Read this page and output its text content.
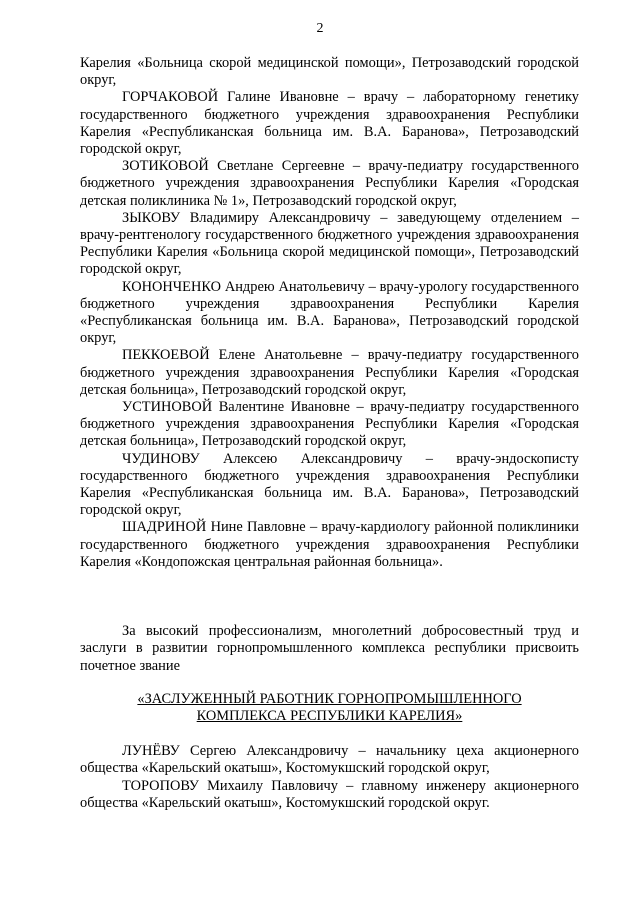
2

Карелия «Больница скорой медицинской помощи», Петрозаводский городской округ,

ГОРЧАКОВОЙ Галине Ивановне – врачу – лабораторному генетику государственного бюджетного учреждения здравоохранения Республики Карелия «Республиканская больница им. В.А. Баранова», Петрозаводский городской округ,

ЗОТИКОВОЙ Светлане Сергеевне – врачу-педиатру государственного бюджетного учреждения здравоохранения Республики Карелия «Городская детская поликлиника № 1», Петрозаводский городской округ,

ЗЫКОВУ Владимиру Александровичу – заведующему отделением – врачу-рентгенологу государственного бюджетного учреждения здравоохранения Республики Карелия «Больница скорой медицинской помощи», Петрозаводский городской округ,

КОНОНЧЕНКО Андрею Анатольевичу – врачу-урологу государственного бюджетного учреждения здравоохранения Республики Карелия «Республиканская больница им. В.А. Баранова», Петрозаводский городской округ,

ПЕККОЕВОЙ Елене Анатольевне – врачу-педиатру государственного бюджетного учреждения здравоохранения Республики Карелия «Городская детская больница», Петрозаводский городской округ,

УСТИНОВОЙ Валентине Ивановне – врачу-педиатру государственного бюджетного учреждения здравоохранения Республики Карелия «Городская детская больница», Петрозаводский городской округ,

ЧУДИНОВУ Алексею Александровичу – врачу-эндоскописту государственного бюджетного учреждения здравоохранения Республики Карелия «Республиканская больница им. В.А. Баранова», Петрозаводский городской округ,

ШАДРИНОЙ Нине Павловне – врачу-кардиологу районной поликлиники государственного бюджетного учреждения здравоохранения Республики Карелия «Кондопожская центральная районная больница».

За высокий профессионализм, многолетний добросовестный труд и заслуги в развитии горнопромышленного комплекса республики присвоить почетное звание

«ЗАСЛУЖЕННЫЙ РАБОТНИК ГОРНОПРОМЫШЛЕННОГО

КОМПЛЕКСА РЕСПУБЛИКИ КАРЕЛИЯ»

ЛУНЁВУ Сергею Александровичу – начальнику цеха акционерного общества «Карельский окатыш», Костомукшский городской округ,

ТОРОПОВУ Михаилу Павловичу – главному инженеру акционерного общества «Карельский окатыш», Костомукшский городской округ.
